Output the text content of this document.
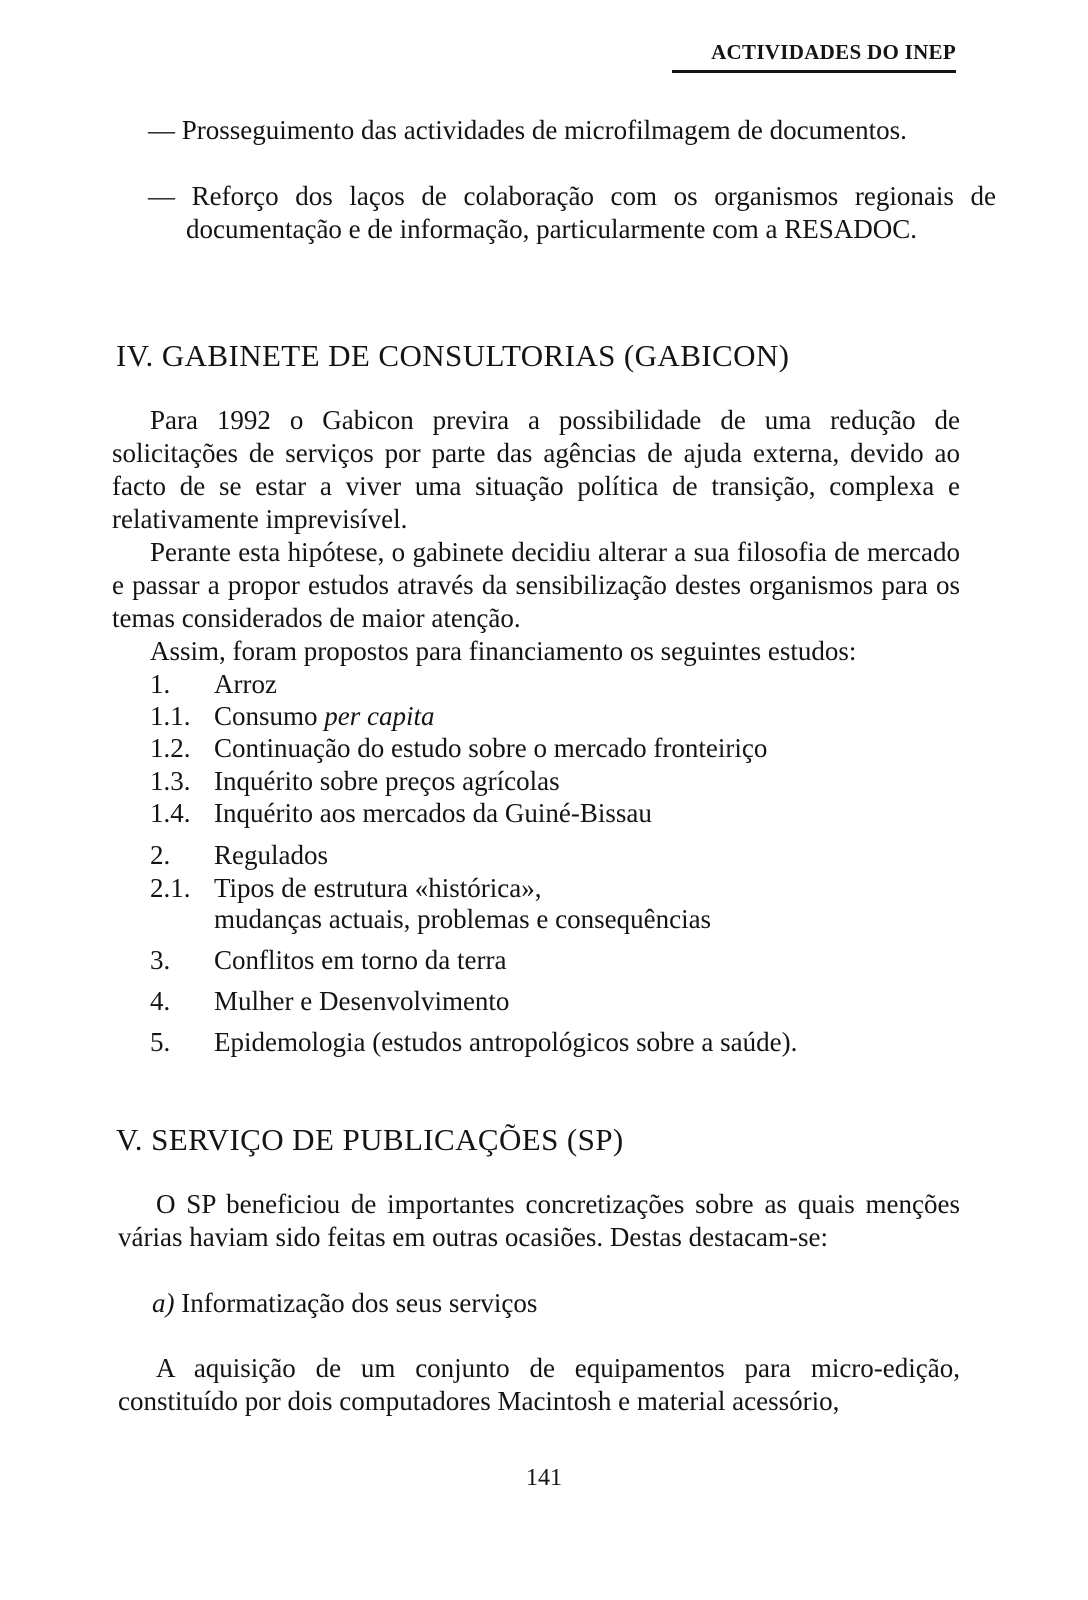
ACTIVIDADES DO INEP
— Prosseguimento das actividades de microfilmagem de documentos.
— Reforço dos laços de colaboração com os organismos regionais de documentação e de informação, particularmente com a RESADOC.
IV. GABINETE DE CONSULTORIAS (GABICON)
Para 1992 o Gabicon previra a possibilidade de uma redução de solicitações de serviços por parte das agências de ajuda externa, devido ao facto de se estar a viver uma situação política de transição, complexa e relativamente imprevisível.
Perante esta hipótese, o gabinete decidiu alterar a sua filosofia de mercado e passar a propor estudos através da sensibilização destes organismos para os temas considerados de maior atenção.
Assim, foram propostos para financiamento os seguintes estudos:
1. Arroz
1.1. Consumo per capita
1.2. Continuação do estudo sobre o mercado fronteiriço
1.3. Inquérito sobre preços agrícolas
1.4. Inquérito aos mercados da Guiné-Bissau
2. Regulados
2.1. Tipos de estrutura «histórica»,
mudanças actuais, problemas e consequências
3. Conflitos em torno da terra
4. Mulher e Desenvolvimento
5. Epidemologia (estudos antropológicos sobre a saúde).
V. SERVIÇO DE PUBLICAÇÕES (SP)
O SP beneficiou de importantes concretizações sobre as quais menções várias haviam sido feitas em outras ocasiões. Destas destacam-se:
a) Informatização dos seus serviços
A aquisição de um conjunto de equipamentos para micro-edição, constituído por dois computadores Macintosh e material acessório,
141
